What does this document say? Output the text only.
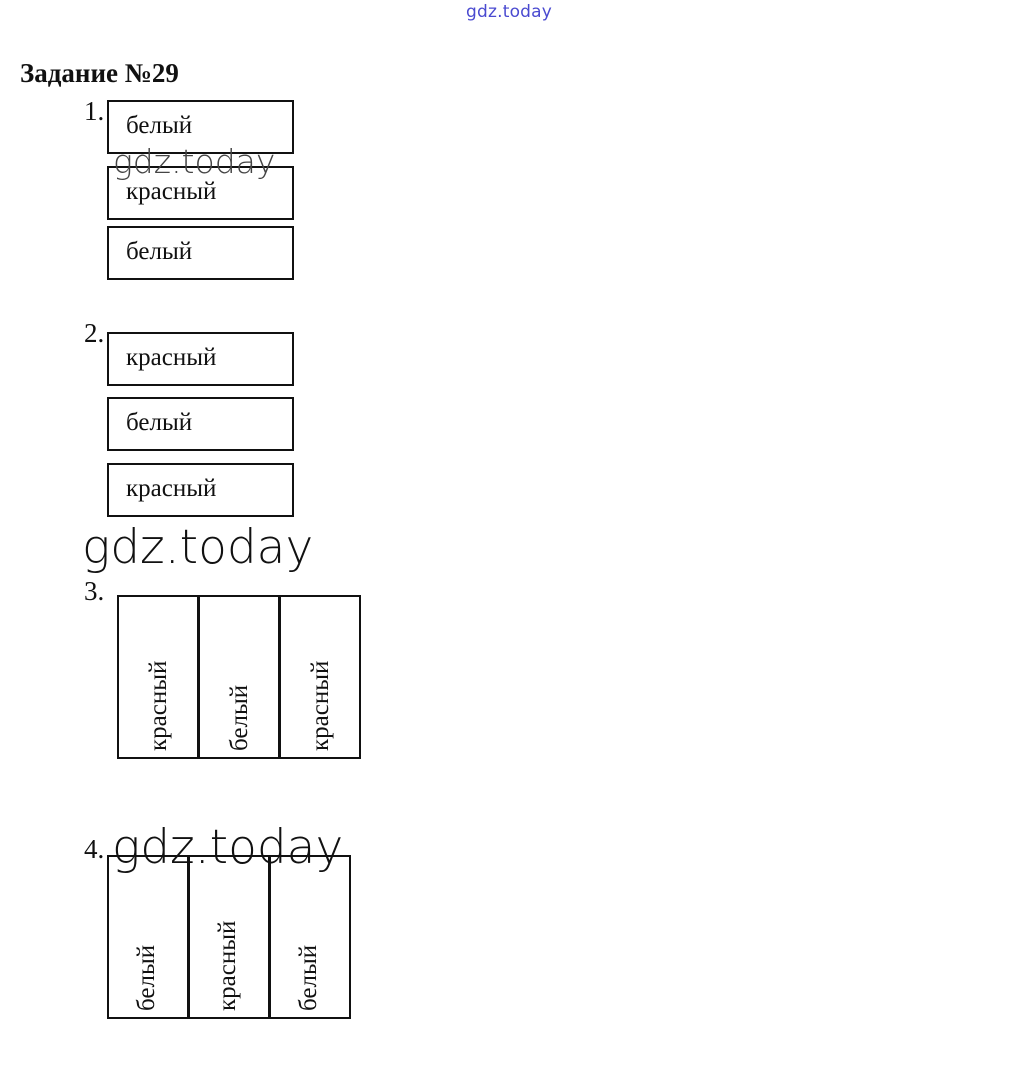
gdz.today
Задание №29
1. белый
красный
белый
2.
красный
белый
красный
3.
красный белый красный
4.
белый красный белый
gdz.today
gdz.today
gdz.today
